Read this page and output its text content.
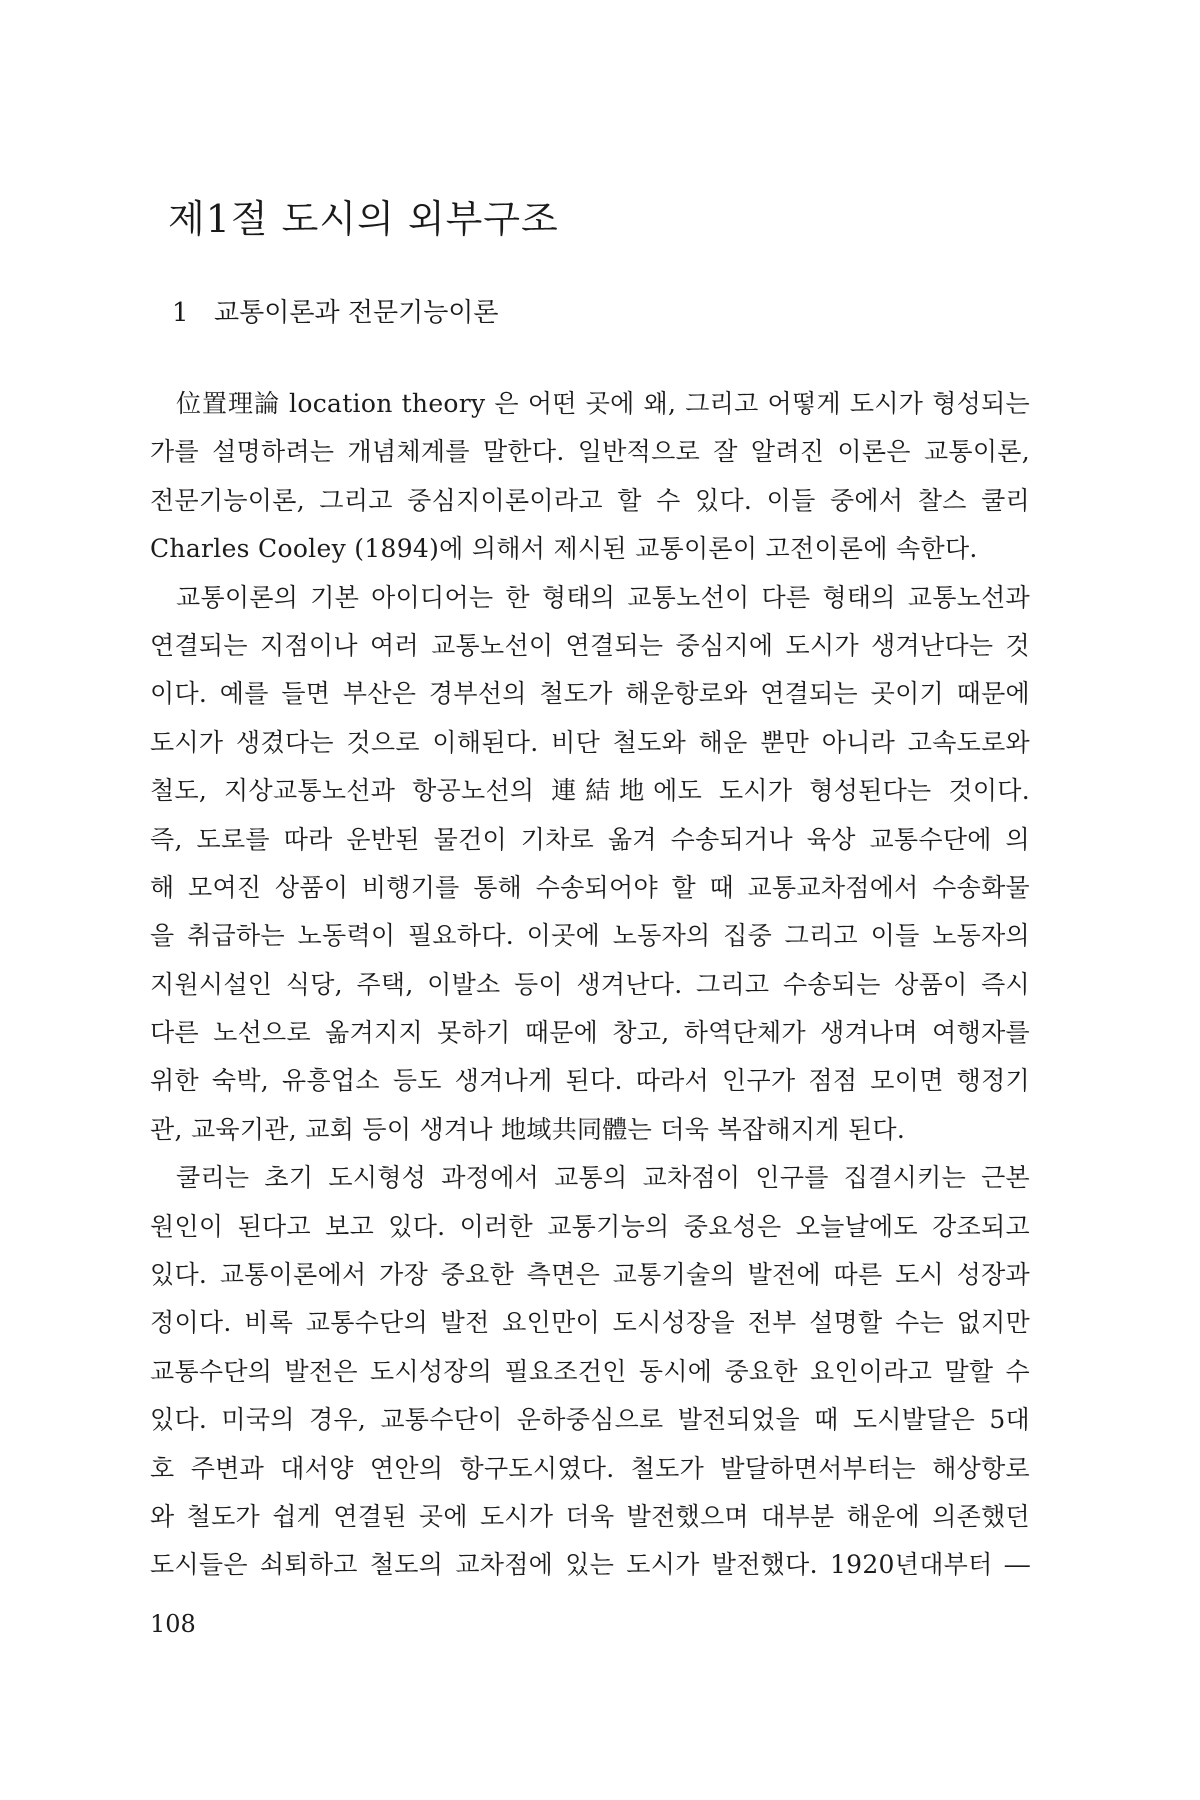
제1절 도시의 외부구조
1 교통이론과 전문기능이론
位置理論 location theory 은 어떤 곳에 왜, 그리고 어떻게 도시가 형성되는
가를 설명하려는 개념체계를 말한다. 일반적으로 잘 알려진 이론은 교통이론,
전문기능이론, 그리고 중심지이론이라고 할 수 있다. 이들 중에서 찰스 쿨리
Charles Cooley (1894)에 의해서 제시된 교통이론이 고전이론에 속한다.
교통이론의 기본 아이디어는 한 형태의 교통노선이 다른 형태의 교통노선과
연결되는 지점이나 여러 교통노선이 연결되는 중심지에 도시가 생겨난다는 것
이다. 예를 들면 부산은 경부선의 철도가 해운항로와 연결되는 곳이기 때문에
도시가 생겼다는 것으로 이해된다. 비단 철도와 해운 뿐만 아니라 고속도로와
철도, 지상교통노선과 항공노선의 連結地에도 도시가 형성된다는 것이다.
즉, 도로를 따라 운반된 물건이 기차로 옮겨 수송되거나 육상 교통수단에 의
해 모여진 상품이 비행기를 통해 수송되어야 할 때 교통교차점에서 수송화물
을 취급하는 노동력이 필요하다. 이곳에 노동자의 집중 그리고 이들 노동자의
지원시설인 식당, 주택, 이발소 등이 생겨난다. 그리고 수송되는 상품이 즉시
다른 노선으로 옮겨지지 못하기 때문에 창고, 하역단체가 생겨나며 여행자를
위한 숙박, 유흥업소 등도 생겨나게 된다. 따라서 인구가 점점 모이면 행정기
관, 교육기관, 교회 등이 생겨나 地域共同體는 더욱 복잡해지게 된다.
쿨리는 초기 도시형성 과정에서 교통의 교차점이 인구를 집결시키는 근본
원인이 된다고 보고 있다. 이러한 교통기능의 중요성은 오늘날에도 강조되고
있다. 교통이론에서 가장 중요한 측면은 교통기술의 발전에 따른 도시 성장과
정이다. 비록 교통수단의 발전 요인만이 도시성장을 전부 설명할 수는 없지만
교통수단의 발전은 도시성장의 필요조건인 동시에 중요한 요인이라고 말할 수
있다. 미국의 경우, 교통수단이 운하중심으로 발전되었을 때 도시발달은 5대
호 주변과 대서양 연안의 항구도시였다. 철도가 발달하면서부터는 해상항로
와 철도가 쉽게 연결된 곳에 도시가 더욱 발전했으며 대부분 해운에 의존했던
도시들은 쇠퇴하고 철도의 교차점에 있는 도시가 발전했다. 1920년대부터 ―
108
